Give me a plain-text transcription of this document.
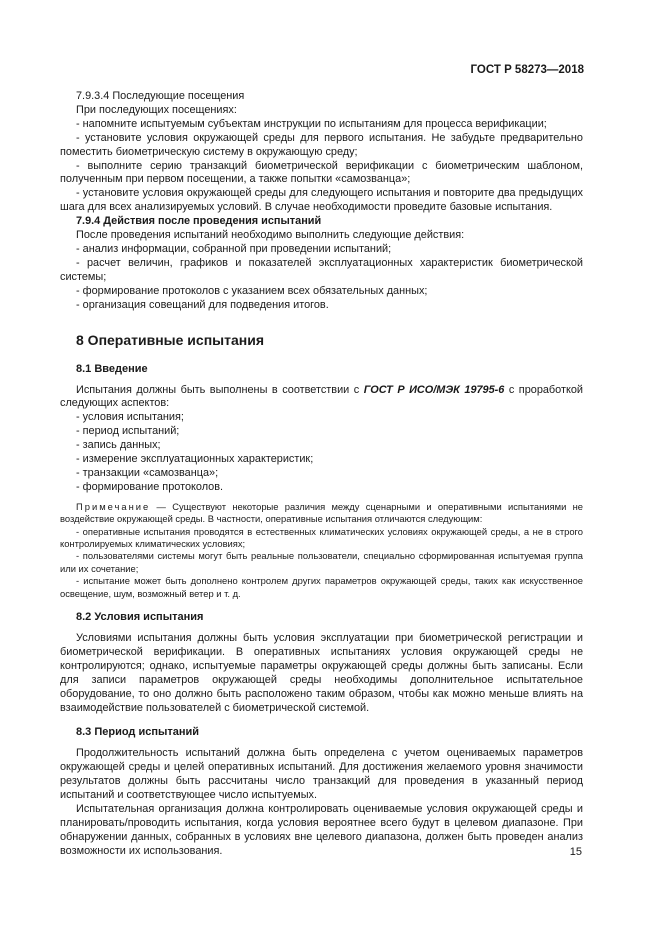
ГОСТ Р 58273—2018

7.9.3.4 Последующие посещения

При последующих посещениях:

- напомните испытуемым субъектам инструкции по испытаниям для процесса верификации;

- установите условия окружающей среды для первого испытания. Не забудьте предварительно поместить биометрическую систему в окружающую среду;

- выполните серию транзакций биометрической верификации с биометрическим шаблоном, полученным при первом посещении, а также попытки «самозванца»;

- установите условия окружающей среды для следующего испытания и повторите два предыдущих шага для всех анализируемых условий. В случае необходимости проведите базовые испытания.

7.9.4 Действия после проведения испытаний

После проведения испытаний необходимо выполнить следующие действия:

- анализ информации, собранной при проведении испытаний;

- расчет величин, графиков и показателей эксплуатационных характеристик биометрической системы;

- формирование протоколов с указанием всех обязательных данных;

- организация совещаний для подведения итогов.

8 Оперативные испытания
8.1 Введение

Испытания должны быть выполнены в соответствии с ГОСТ Р ИСО/МЭК 19795-6 с проработкой следующих аспектов:

- условия испытания;

- период испытаний;

- запись данных;

- измерение эксплуатационных характеристик;

- транзакции «самозванца»;

- формирование протоколов.

Примечание — Существуют некоторые различия между сценарными и оперативными испытаниями не воздействие окружающей среды. В частности, оперативные испытания отличаются следующим:

- оперативные испытания проводятся в естественных климатических условиях окружающей среды, а не в строго контролируемых климатических условиях;

- пользователями системы могут быть реальные пользователи, специально сформированная испытуемая группа или их сочетание;

- испытание может быть дополнено контролем других параметров окружающей среды, таких как искусственное освещение, шум, возможный ветер и т. д.

8.2 Условия испытания

Условиями испытания должны быть условия эксплуатации при биометрической регистрации и биометрической верификации. В оперативных испытаниях условия окружающей среды не контролируются; однако, испытуемые параметры окружающей среды должны быть записаны. Если для записи параметров окружающей среды необходимы дополнительное испытательное оборудование, то оно должно быть расположено таким образом, чтобы как можно меньше влиять на взаимодействие пользователей с биометрической системой.

8.3 Период испытаний

Продолжительность испытаний должна быть определена с учетом оцениваемых параметров окружающей среды и целей оперативных испытаний. Для достижения желаемого уровня значимости результатов должны быть рассчитаны число транзакций для проведения в указанный период испытаний и соответствующее число испытуемых.

Испытательная организация должна контролировать оцениваемые условия окружающей среды и планировать/проводить испытания, когда условия вероятнее всего будут в целевом диапазоне. При обнаружении данных, собранных в условиях вне целевого диапазона, должен быть проведен анализ возможности их использования.	15
